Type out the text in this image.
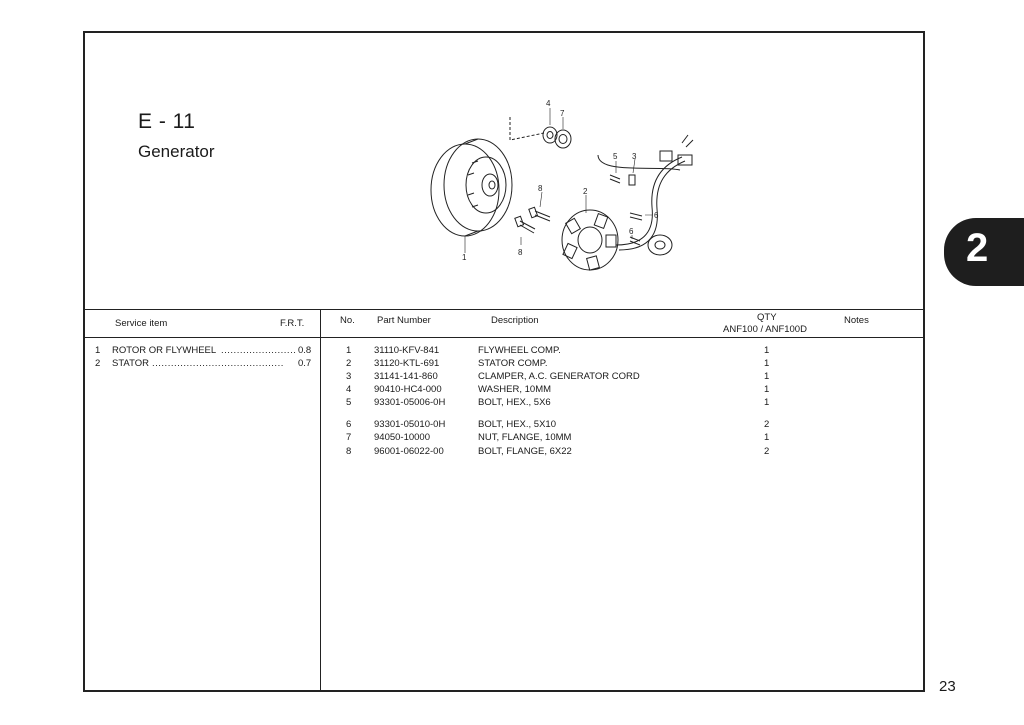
E - 11
Generator
4
7
5 3
8	2
6
6
1
8
Service item	F.R.T.	No. Part Number	Description	QTY
ANF100 / ANF100D
Notes
1 ROTOR OR FLYWHEEL ........................ 0.8
2 STATOR .......................................... 0.7
1 31110-KFV-841	FLYWHEEL COMP.	1
2 31120-KTL-691	STATOR COMP.	1
3 31141-141-860	CLAMPER, A.C. GENERATOR CORD	1
4 90410-HC4-000	WASHER, 10MM	1
5 93301-05006-0H	BOLT, HEX., 5X6	1
6 93301-05010-0H	BOLT, HEX., 5X10	2
7 94050-10000	NUT, FLANGE, 10MM	1
8 96001-06022-00	BOLT, FLANGE, 6X22	2
2
23
